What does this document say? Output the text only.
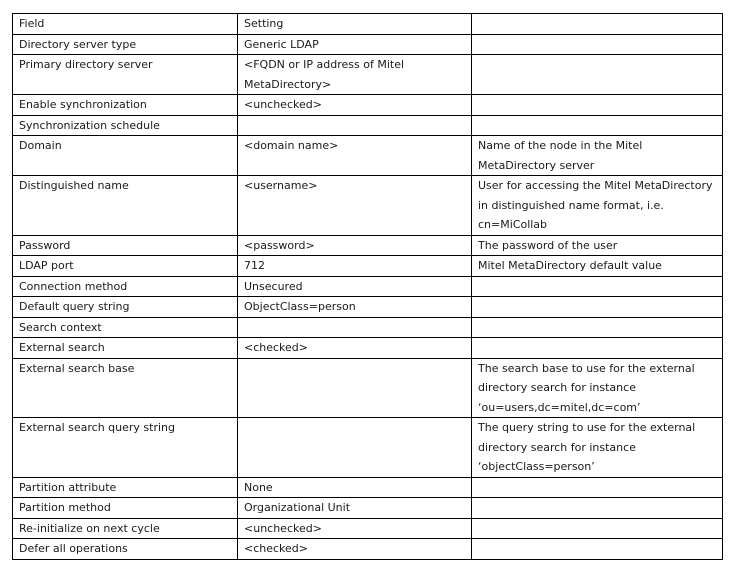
Field	Setting	
Directory server type	Generic LDAP	
Primary directory server	<FQDN or IP address of Mitel MetaDirectory>	
Enable synchronization	<unchecked>	
Synchronization schedule		
Domain	<domain name>	Name of the node in the Mitel MetaDirectory server
Distinguished name	<username>	User for accessing the Mitel MetaDirectory in distinguished name format, i.e. cn=MiCollab
Password	<password>	The password of the user
LDAP port	712	Mitel MetaDirectory default value
Connection method	Unsecured	
Default query string	ObjectClass=person	
Search context		
External search	<checked>	
External search base		The search base to use for the external directory search for instance ‘ou=users,dc=mitel,dc=com’
External search query string		The query string to use for the external directory search for instance ‘objectClass=person’
Partition attribute	None	
Partition method	Organizational Unit	
Re-initialize on next cycle	<unchecked>	
Defer all operations	<checked>	
